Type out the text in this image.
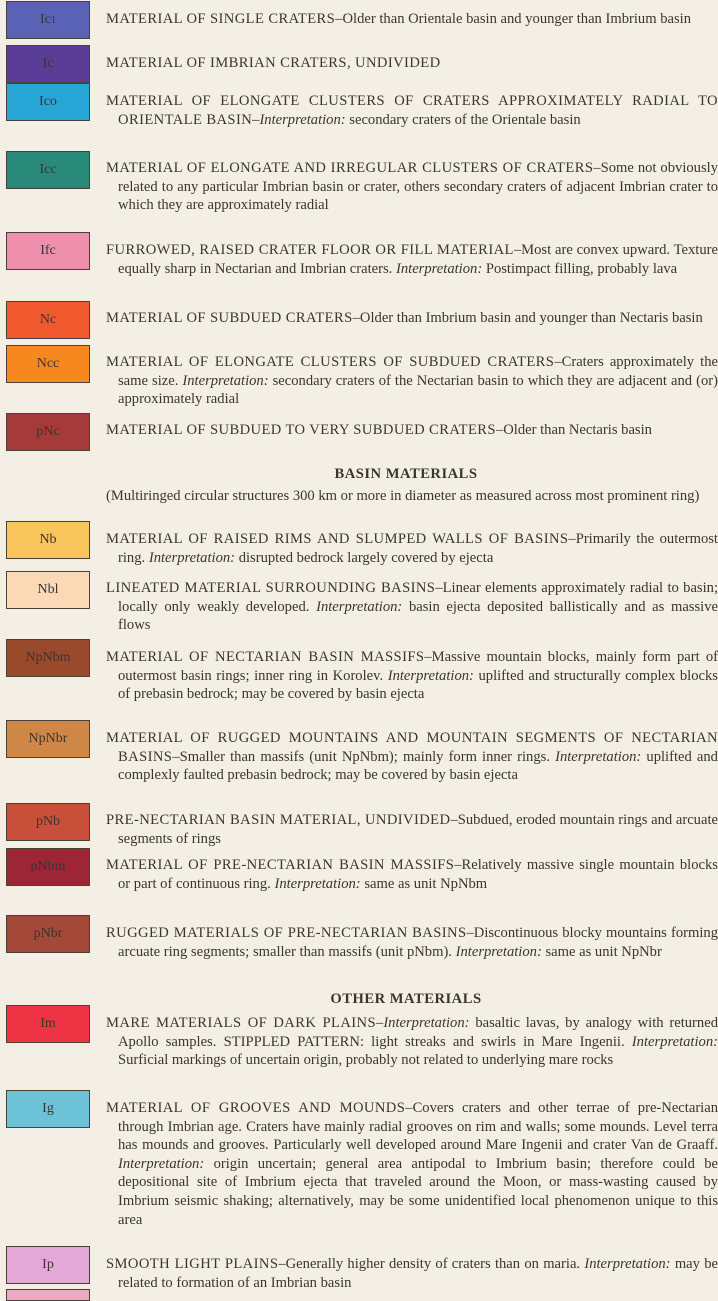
Ic 1	MATERIAL OF SINGLE CRATERS–Older than Orientale basin and younger than Imbrium basin
Ic	MATERIAL OF IMBRIAN CRATERS, UNDIVIDED
Ico	MATERIAL OF ELONGATE CLUSTERS OF CRATERS APPROXIMATELY RADIAL TO ORIENTALE BASIN–Interpretation: secondary craters of the Orientale basin
Icc	MATERIAL OF ELONGATE AND IRREGULAR CLUSTERS OF CRATERS–Some not obviously related to any particular Imbrian basin or crater, others secondary craters of adjacent Imbrian crater to which they are approximately radial
Ifc	FURROWED, RAISED CRATER FLOOR OR FILL MATERIAL–Most are convex upward. Texture equally sharp in Nectarian and Imbrian craters. Interpretation: Postimpact filling, probably lava
Nc	MATERIAL OF SUBDUED CRATERS–Older than Imbrium basin and younger than Nectaris basin
Ncc	MATERIAL OF ELONGATE CLUSTERS OF SUBDUED CRATERS–Craters approximately the same size. Interpretation: secondary craters of the Nectarian basin to which they are adjacent and (or) approximately radial
pNc	MATERIAL OF SUBDUED TO VERY SUBDUED CRATERS–Older than Nectaris basin
BASIN MATERIALS
(Multiringed circular structures 300 km or more in diameter as measured across most prominent ring)
Nb	MATERIAL OF RAISED RIMS AND SLUMPED WALLS OF BASINS–Primarily the outermost ring. Interpretation: disrupted bedrock largely covered by ejecta
Nbl	LINEATED MATERIAL SURROUNDING BASINS–Linear elements approximately radial to basin; locally only weakly developed. Interpretation: basin ejecta deposited ballistically and as massive flows
NpNbm	MATERIAL OF NECTARIAN BASIN MASSIFS–Massive mountain blocks, mainly form part of outermost basin rings; inner ring in Korolev. Interpretation: uplifted and structurally complex blocks of prebasin bedrock; may be covered by basin ejecta
NpNbr	MATERIAL OF RUGGED MOUNTAINS AND MOUNTAIN SEGMENTS OF NECTARIAN BASINS–Smaller than massifs (unit NpNbm); mainly form inner rings. Interpretation: uplifted and complexly faulted prebasin bedrock; may be covered by basin ejecta
pNb	PRE-NECTARIAN BASIN MATERIAL, UNDIVIDED–Subdued, eroded mountain rings and arcuate segments of rings
pNbm	MATERIAL OF PRE-NECTARIAN BASIN MASSIFS–Relatively massive single mountain blocks or part of continuous ring. Interpretation: same as unit NpNbm
pNbr	RUGGED MATERIALS OF PRE-NECTARIAN BASINS–Discontinuous blocky mountains forming arcuate ring segments; smaller than massifs (unit pNbm). Interpretation: same as unit NpNbr
OTHER MATERIALS
Im	MARE MATERIALS OF DARK PLAINS–Interpretation: basaltic lavas, by analogy with returned Apollo samples. STIPPLED PATTERN: light streaks and swirls in Mare Ingenii. Interpretation: Surficial markings of uncertain origin, probably not related to underlying mare rocks
Ig	MATERIAL OF GROOVES AND MOUNDS–Covers craters and other terrae of pre-Nectarian through Imbrian age. Craters have mainly radial grooves on rim and walls; some mounds. Level terra has mounds and grooves. Particularly well developed around Mare Ingenii and crater Van de Graaff. Interpretation: origin uncertain; general area antipodal to Imbrium basin; therefore could be depositional site of Imbrium ejecta that traveled around the Moon, or mass-wasting caused by Imbrium seismic shaking; alternatively, may be some unidentified local phenomenon unique to this area
Ip	SMOOTH LIGHT PLAINS–Generally higher density of craters than on maria. Interpretation: may be related to formation of an Imbrian basin
